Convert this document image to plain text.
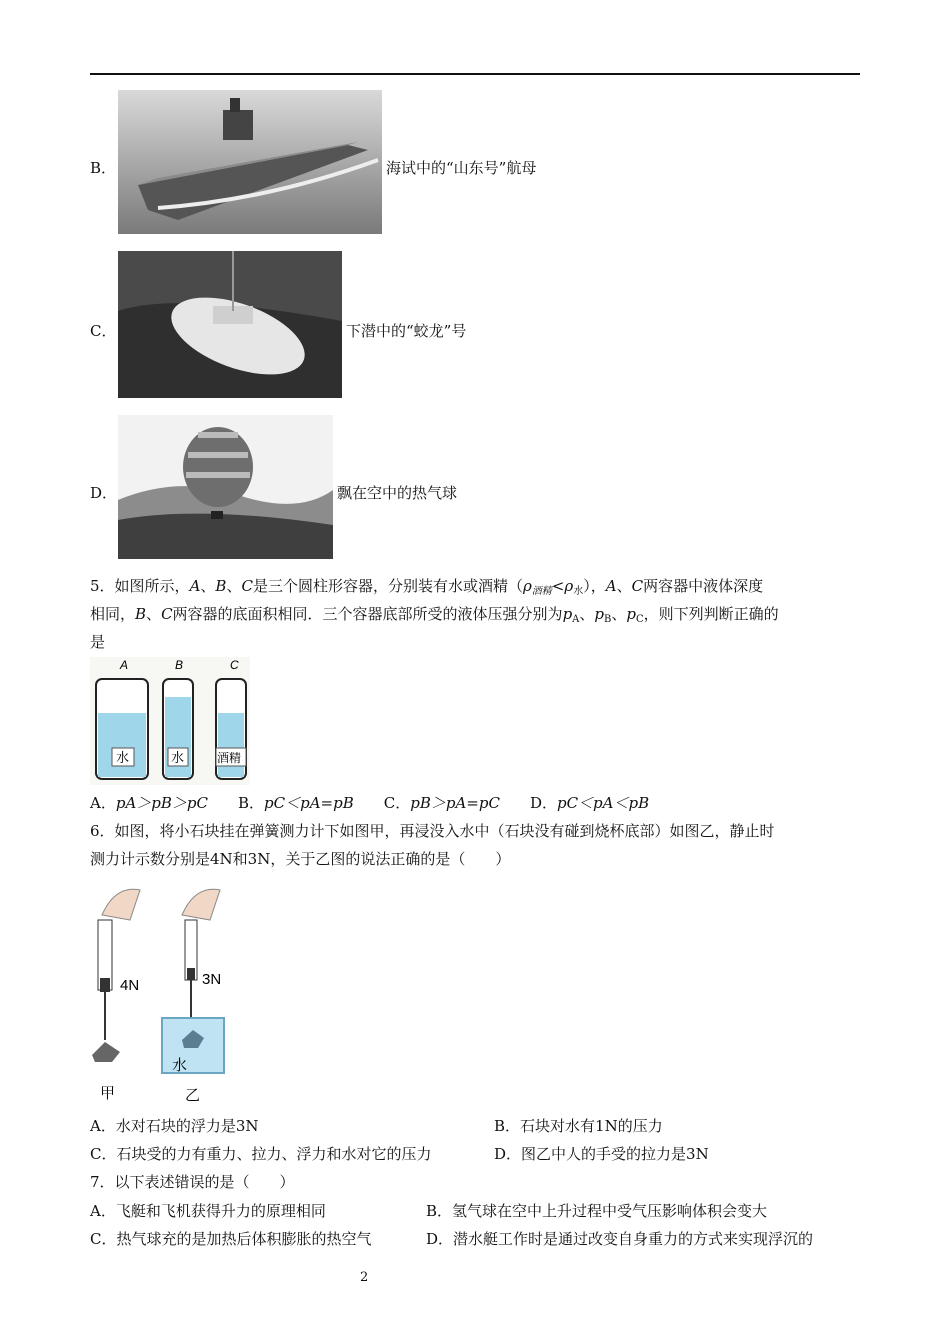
B．	海试中的“山东号”航母
C．	下潜中的“蛟龙”号
D．	飘在空中的热气球
5．如图所示，A、B、C是三个圆柱形容器，分别装有水或酒精$(\rho_{酒精}<\rho_水)$，A、C两容器中液体深度
相同，B、C两容器的底面积相同．三个容器底部所受的液体压强分别为$p_A$、$p_B$、$p_C$，则下列判断正确的
是
A	B	C
水	水	酒精
A．pA＞pB＞pC B．pC＜pA=pB C．pB＞pA=pC D．pC＜pA＜pB
6．如图，将小石块挂在弹簧测力计下如图甲，再浸没入水中（石块没有碰到烧杯底部）如图乙，静止时
测力计示数分别是4N和3N，关于乙图的说法正确的是（　　）
4N
甲
3N
水
乙
A．水对石块的浮力是3N	B．石块对水有1N的压力
C．石块受的力有重力、拉力、浮力和水对它的压力	D．图乙中人的手受的拉力是3N
7．以下表述错误的是（　　）
A．飞艇和飞机获得升力的原理相同	B．氢气球在空中上升过程中受气压影响体积会变大
C．热气球充的是加热后体积膨胀的热空气	D．潜水艇工作时是通过改变自身重力的方式来实现浮沉的
2
